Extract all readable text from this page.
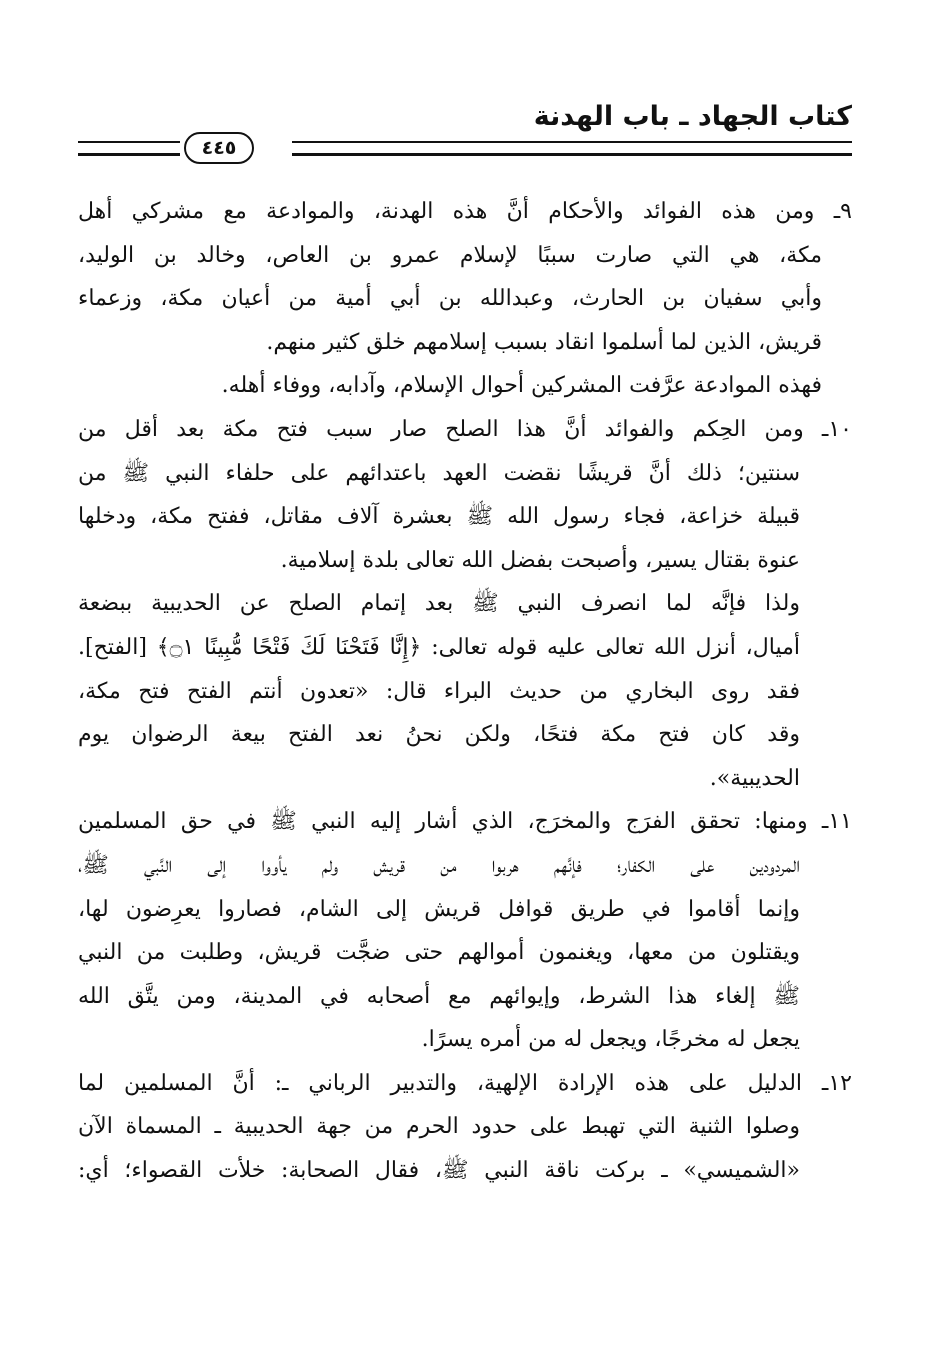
كتاب الجهاد ـ باب الهدنة
٤٤٥
٩ـ ومن هذه الفوائد والأحكام أنَّ هذه الهدنة، والموادعة مع مشركي أهل
مكة، هي التي صارت سببًا لإسلام عمرو بن العاص، وخالد بن الوليد،
وأبي سفيان بن الحارث، وعبدالله بن أبي أمية من أعيان مكة، وزعماء
قريش، الذين لما أسلموا انقاد بسبب إسلامهم خلق كثير منهم.
فهذه الموادعة عرَّفت المشركين أحوال الإسلام، وآدابه، ووفاء أهله.
١٠ـ ومن الحِكم والفوائد أنَّ هذا الصلح صار سبب فتح مكة بعد أقل من
سنتين؛ ذلك أنَّ قريشًا نقضت العهد باعتدائهم على حلفاء النبي ﷺ من
قبيلة خزاعة، فجاء رسول الله ﷺ بعشرة آلاف مقاتل، ففتح مكة، ودخلها
عنوة بقتال يسير، وأصبحت بفضل الله تعالى بلدة إسلامية.
ولذا فإنَّه لما انصرف النبي ﷺ بعد إتمام الصلح عن الحديبية ببضعة
أميال، أنزل الله تعالى عليه قوله تعالى: ﴿إِنَّا فَتَحْنَا لَكَ فَتْحًا مُّبِينًا ۝١﴾ [الفتح].
فقد روى البخاري من حديث البراء قال: «تعدون أنتم الفتح فتح مكة،
وقد كان فتح مكة فتحًا، ولكن نحنُ نعد الفتح بيعة الرضوان يوم
الحديبية».
١١ـ ومنها: تحقق الفرَج والمخرَج، الذي أشار إليه النبي ﷺ في حق المسلمين
المردودين على الكفار؛ فإنَّهم هربوا من قريش ولم يأووا إلى النَّبي ﷺ،
وإنما أقاموا في طريق قوافل قريش إلى الشام، فصاروا يعرِضون لها،
ويقتلون من معها، ويغنمون أموالهم حتى ضجَّت قريش، وطلبت من النبي
ﷺ إلغاء هذا الشرط، وإيوائهم مع أصحابه في المدينة، ومن يتَّق الله
يجعل له مخرجًا، ويجعل له من أمره يسرًا.
١٢ـ الدليل على هذه الإرادة الإلهية، والتدبير الرباني ـ: أنَّ المسلمين لما
وصلوا الثنية التي تهبط على حدود الحرم من جهة الحديبية ـ المسماة الآن
«الشميسي» ـ بركت ناقة النبي ﷺ، فقال الصحابة: خلأت القصواء؛ أي:
